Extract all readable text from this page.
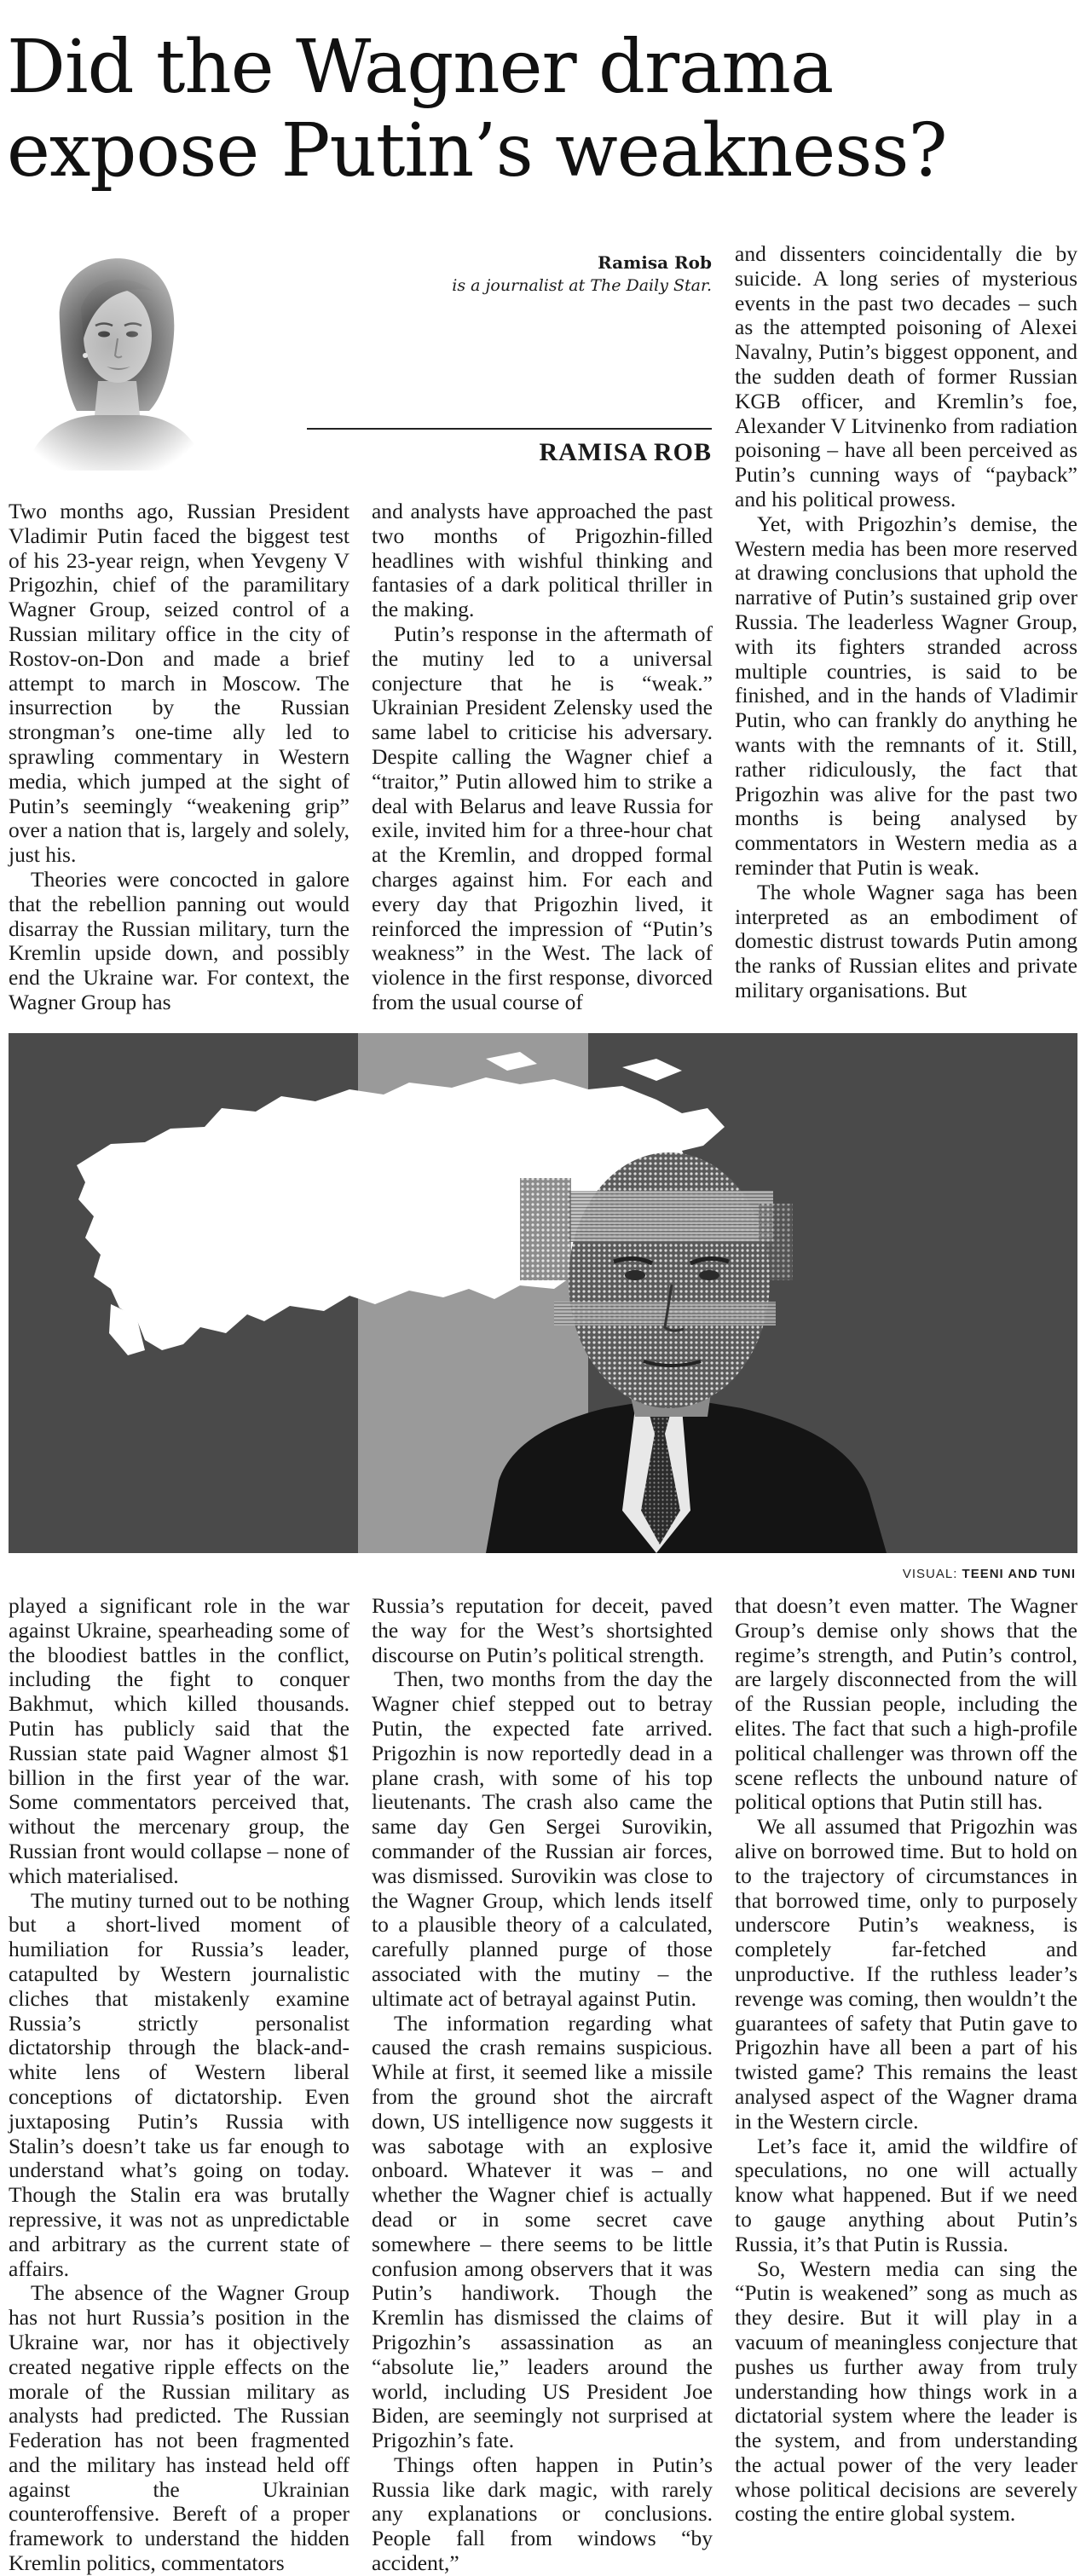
Did the Wagner drama
expose Putin’s weakness?
Ramisa Rob
is a journalist at The Daily Star.
RAMISA ROB

Two months ago, Russian President Vladimir Putin faced the biggest test of his 23-year reign, when Yevgeny V Prigozhin, chief of the paramilitary Wagner Group, seized control of a Russian military office in the city of Rostov-on-Don and made a brief attempt to march in Moscow. The insurrection by the Russian strongman’s one-time ally led to sprawling commentary in Western media, which jumped at the sight of Putin’s seemingly “weakening grip” over a nation that is, largely and solely, just his.

Theories were concocted in galore that the rebellion panning out would disarray the Russian military, turn the Kremlin upside down, and possibly end the Ukraine war. For context, the Wagner Group has

and analysts have approached the past two months of Prigozhin-filled headlines with wishful thinking and fantasies of a dark political thriller in the making.

Putin’s response in the aftermath of the mutiny led to a universal conjecture that he is “weak.” Ukrainian President Zelensky used the same label to criticise his adversary. Despite calling the Wagner chief a “traitor,” Putin allowed him to strike a deal with Belarus and leave Russia for exile, invited him for a three-hour chat at the Kremlin, and dropped formal charges against him. For each and every day that Prigozhin lived, it reinforced the impression of “Putin’s weakness” in the West. The lack of violence in the first response, divorced from the usual course of

and dissenters coincidentally die by suicide. A long series of mysterious events in the past two decades – such as the attempted poisoning of Alexei Navalny, Putin’s biggest opponent, and the sudden death of former Russian KGB officer, and Kremlin’s foe, Alexander V Litvinenko from radiation poisoning – have all been perceived as Putin’s cunning ways of “payback” and his political prowess.

Yet, with Prigozhin’s demise, the Western media has been more reserved at drawing conclusions that uphold the narrative of Putin’s sustained grip over Russia. The leaderless Wagner Group, with its fighters stranded across multiple countries, is said to be finished, and in the hands of Vladimir Putin, who can frankly do anything he wants with the remnants of it. Still, rather ridiculously, the fact that Prigozhin was alive for the past two months is being analysed by commentators in Western media as a reminder that Putin is weak.

The whole Wagner saga has been interpreted as an embodiment of domestic distrust towards Putin among the ranks of Russian elites and private military organisations. But

VISUAL: TEENI AND TUNI

played a significant role in the war against Ukraine, spearheading some of the bloodiest battles in the conflict, including the fight to conquer Bakhmut, which killed thousands. Putin has publicly said that the Russian state paid Wagner almost $1 billion in the first year of the war. Some commentators perceived that, without the mercenary group, the Russian front would collapse – none of which materialised.

The mutiny turned out to be nothing but a short-lived moment of humiliation for Russia’s leader, catapulted by Western journalistic cliches that mistakenly examine Russia’s strictly personalist dictatorship through the black-and-white lens of Western liberal conceptions of dictatorship. Even juxtaposing Putin’s Russia with Stalin’s doesn’t take us far enough to understand what’s going on today. Though the Stalin era was brutally repressive, it was not as unpredictable and arbitrary as the current state of affairs.

The absence of the Wagner Group has not hurt Russia’s position in the Ukraine war, nor has it objectively created negative ripple effects on the morale of the Russian military as analysts had predicted. The Russian Federation has not been fragmented and the military has instead held off against the Ukrainian counteroffensive. Bereft of a proper framework to understand the hidden Kremlin politics, commentators

Russia’s reputation for deceit, paved the way for the West’s shortsighted discourse on Putin’s political strength.

Then, two months from the day the Wagner chief stepped out to betray Putin, the expected fate arrived. Prigozhin is now reportedly dead in a plane crash, with some of his top lieutenants. The crash also came the same day Gen Sergei Surovikin, commander of the Russian air forces, was dismissed. Surovikin was close to the Wagner Group, which lends itself to a plausible theory of a calculated, carefully planned purge of those associated with the mutiny – the ultimate act of betrayal against Putin.

The information regarding what caused the crash remains suspicious. While at first, it seemed like a missile from the ground shot the aircraft down, US intelligence now suggests it was sabotage with an explosive onboard. Whatever it was – and whether the Wagner chief is actually dead or in some secret cave somewhere – there seems to be little confusion among observers that it was Putin’s handiwork. Though the Kremlin has dismissed the claims of Prigozhin’s assassination as an “absolute lie,” leaders around the world, including US President Joe Biden, are seemingly not surprised at Prigozhin’s fate.

Things often happen in Putin’s Russia like dark magic, with rarely any explanations or conclusions. People fall from windows “by accident,”

that doesn’t even matter. The Wagner Group’s demise only shows that the regime’s strength, and Putin’s control, are largely disconnected from the will of the Russian people, including the elites. The fact that such a high-profile political challenger was thrown off the scene reflects the unbound nature of political options that Putin still has.

We all assumed that Prigozhin was alive on borrowed time. But to hold on to the trajectory of circumstances in that borrowed time, only to purposely underscore Putin’s weakness, is completely far-fetched and unproductive. If the ruthless leader’s revenge was coming, then wouldn’t the guarantees of safety that Putin gave to Prigozhin have all been a part of his twisted game? This remains the least analysed aspect of the Wagner drama in the Western circle.

Let’s face it, amid the wildfire of speculations, no one will actually know what happened. But if we need to gauge anything about Putin’s Russia, it’s that Putin is Russia.

So, Western media can sing the “Putin is weakened” song as much as they desire. But it will play in a vacuum of meaningless conjecture that pushes us further away from truly understanding how things work in a dictatorial system where the leader is the system, and from understanding the actual power of the very leader whose political decisions are severely costing the entire global system.
